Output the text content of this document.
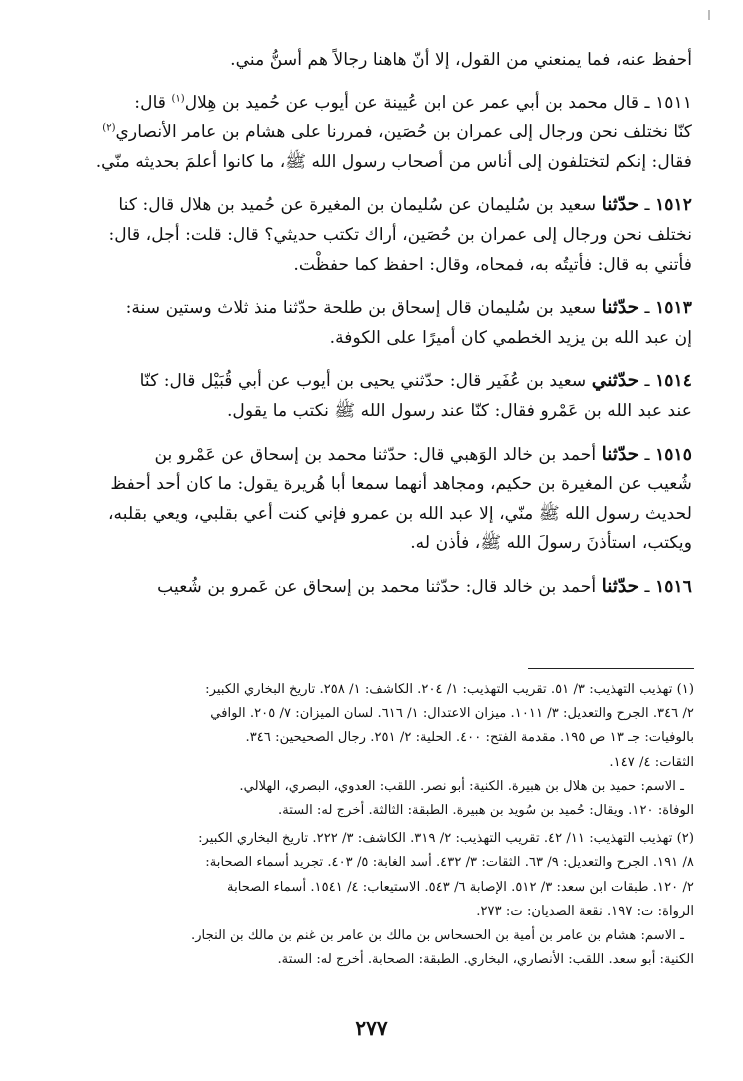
أحفظ عنه، فما يمنعني من القول، إلا أنّ هاهنا رجالاً هم أسنُّ مني.
١٥١١ ـ قال محمد بن أبي عمر عن ابن عُيينة عن أيوب عن حُميد بن هِلال$^{(١)}$ قال:
كنّا نختلف نحن ورجال إلى عمران بن حُصَين، فمررنا على هشام بن عامر الأنصاري$^{(٢)}$
فقال: إنكم لتختلفون إلى أناس من أصحاب رسول الله ﷺ، ما كانوا أعلمَ بحديثه منّي.
١٥١٢ ـ حدّثنا سعيد بن سُليمان عن سُليمان بن المغيرة عن حُميد بن هلال قال: كنا
نختلف نحن ورجال إلى عمران بن حُصَين، أراك تكتب حديثي؟ قال: قلت: أجل، قال:
فأتني به قال: فأتيتُه به، فمحاه، وقال: احفظ كما حفظْت.
١٥١٣ ـ حدّثنا سعيد بن سُليمان قال إسحاق بن طلحة حدّثنا منذ ثلاث وستين سنة:
إن عبد الله بن يزيد الخطمي كان أميرًا على الكوفة.
١٥١٤ ـ حدّثني سعيد بن عُفَير قال: حدّثني يحيى بن أيوب عن أبي قُبَيْل قال: كنّا
عند عبد الله بن عَمْرو فقال: كنّا عند رسول الله ﷺ نكتب ما يقول.
١٥١٥ ـ حدّثنا أحمد بن خالد الوَهبي قال: حدّثنا محمد بن إسحاق عن عَمْرو بن
شُعيب عن المغيرة بن حكيم، ومجاهد أنهما سمعا أبا هُريرة يقول: ما كان أحد أحفظ
لحديث رسول الله ﷺ منّي، إلا عبد الله بن عمرو فإني كنت أعي بقلبي، ويعي بقلبه،
ويكتب، استأذنَ رسولَ الله ﷺ، فأذن له.
١٥١٦ ـ حدّثنا أحمد بن خالد قال: حدّثنا محمد بن إسحاق عن عَمرو بن شُعيب
(١) تهذيب التهذيب: ٣/ ٥١. تقريب التهذيب: ١/ ٢٠٤. الكاشف: ١/ ٢٥٨. تاريخ البخاري الكبير:
٢/ ٣٤٦. الجرح والتعديل: ٣/ ١٠١١. ميزان الاعتدال: ١/ ٦١٦. لسان الميزان: ٧/ ٢٠٥. الوافي
بالوفيات: جـ ١٣ ص ١٩٥. مقدمة الفتح: ٤٠٠. الحلية: ٢/ ٢٥١. رجال الصحيحين: ٣٤٦.
الثقات: ٤/ ١٤٧.
ـ الاسم: حميد بن هلال بن هبيرة. الكنية: أبو نصر. اللقب: العدوي، البصري، الهلالي.
الوفاة: ١٢٠. ويقال: حُميد بن سُويد بن هبيرة. الطبقة: الثالثة. أخرج له: الستة.
(٢) تهذيب التهذيب: ١١/ ٤٢. تقريب التهذيب: ٢/ ٣١٩. الكاشف: ٣/ ٢٢٢. تاريخ البخاري الكبير:
٨/ ١٩١. الجرح والتعديل: ٩/ ٦٣. الثقات: ٣/ ٤٣٢. أسد الغابة: ٥/ ٤٠٣. تجريد أسماء الصحابة:
٢/ ١٢٠. طبقات ابن سعد: ٣/ ٥١٢. الإصابة ٦/ ٥٤٣. الاستيعاب: ٤/ ١٥٤١. أسماء الصحابة
الرواة: ت: ١٩٧. نقعة الصديان: ت: ٢٧٣.
ـ الاسم: هشام بن عامر بن أمية بن الحسحاس بن مالك بن عامر بن غنم بن مالك بن النجار.
الكنية: أبو سعد. اللقب: الأنصاري، البخاري. الطبقة: الصحابة. أخرج له: الستة.
٢٧٧
